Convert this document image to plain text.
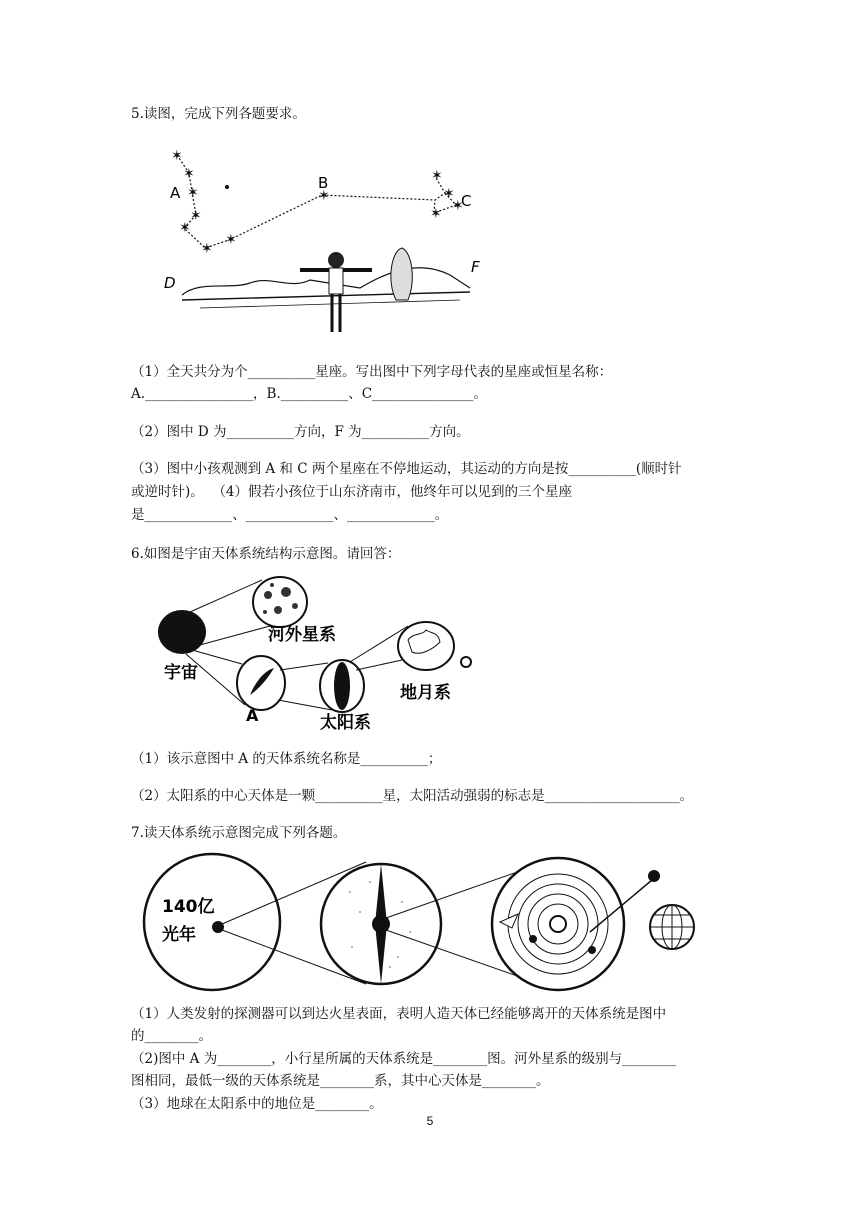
5.读图，完成下列各题要求。

✶
✶
✶
✶
✶
✶
✶
✶
✶
✶
✶
✶
A
B
C
D
F

（1）全天共分为个__________星座。写出图中下列字母代表的星座或恒星名称：

A.________________，B.__________、C_______________。

（2）图中 D 为__________方向，F 为__________方向。

（3）图中小孩观测到 A 和 C 两个星座在不停地运动，其运动的方向是按__________(顺时针

或逆时针)。  （4）假若小孩位于山东济南市，他终年可以见到的三个星座

是_____________、_____________、_____________。

6.如图是宇宙天体系统结构示意图。请回答：

河外星系
宇宙
A
地月系
太阳系

（1）该示意图中 A 的天体系统名称是__________；

（2）太阳系的中心天体是一颗__________星，太阳活动强弱的标志是____________________。

7.读天体系统示意图完成下列各题。

140亿
光年

（1）人类发射的探测器可以到达火星表面，表明人造天体已经能够离开的天体系统是图中

的________。

（2)图中 A 为________，小行星所属的天体系统是________图。河外星系的级别与________

图相同，最低一级的天体系统是________系，其中心天体是________。

（3）地球在太阳系中的地位是________。

5
